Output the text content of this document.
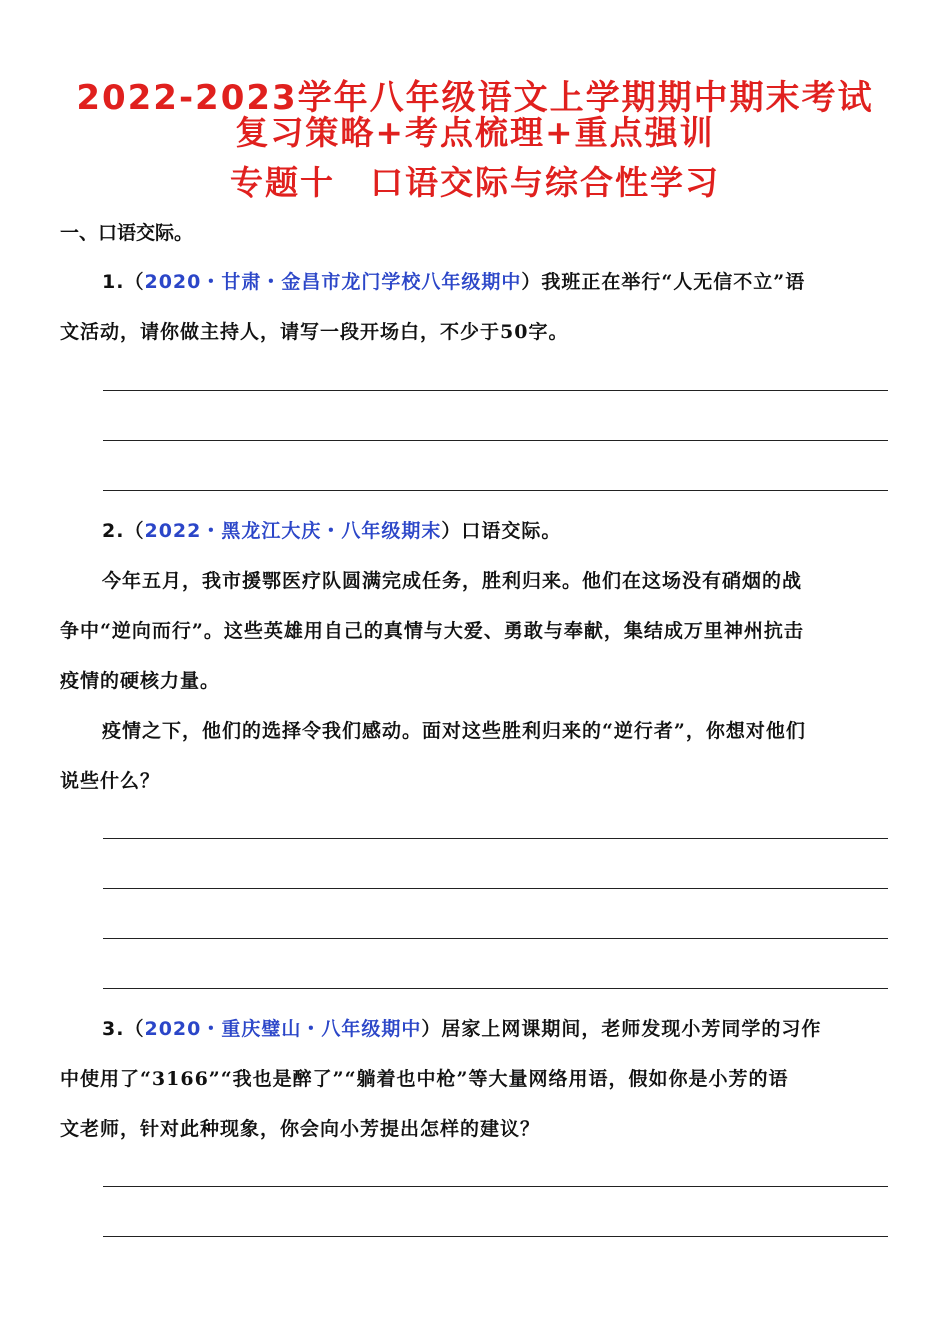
2022-2023学年八年级语文上学期期中期末考试
复习策略+考点梳理+重点强训
专题十　口语交际与综合性学习
一、口语交际。
1.（2020・甘肃・金昌市龙门学校八年级期中）我班正在举行“人无信不立”语
文活动，请你做主持人，请写一段开场白，不少于50字。
2.（2022・黑龙江大庆・八年级期末）口语交际。
今年五月，我市援鄂医疗队圆满完成任务，胜利归来。他们在这场没有硝烟的战
争中“逆向而行”。这些英雄用自己的真情与大爱、勇敢与奉献，集结成万里神州抗击
疫情的硬核力量。
疫情之下，他们的选择令我们感动。面对这些胜利归来的“逆行者”，你想对他们
说些什么？
3.（2020・重庆璧山・八年级期中）居家上网课期间，老师发现小芳同学的习作
中使用了“3166”“我也是醉了”“躺着也中枪”等大量网络用语，假如你是小芳的语
文老师，针对此种现象，你会向小芳提出怎样的建议？
